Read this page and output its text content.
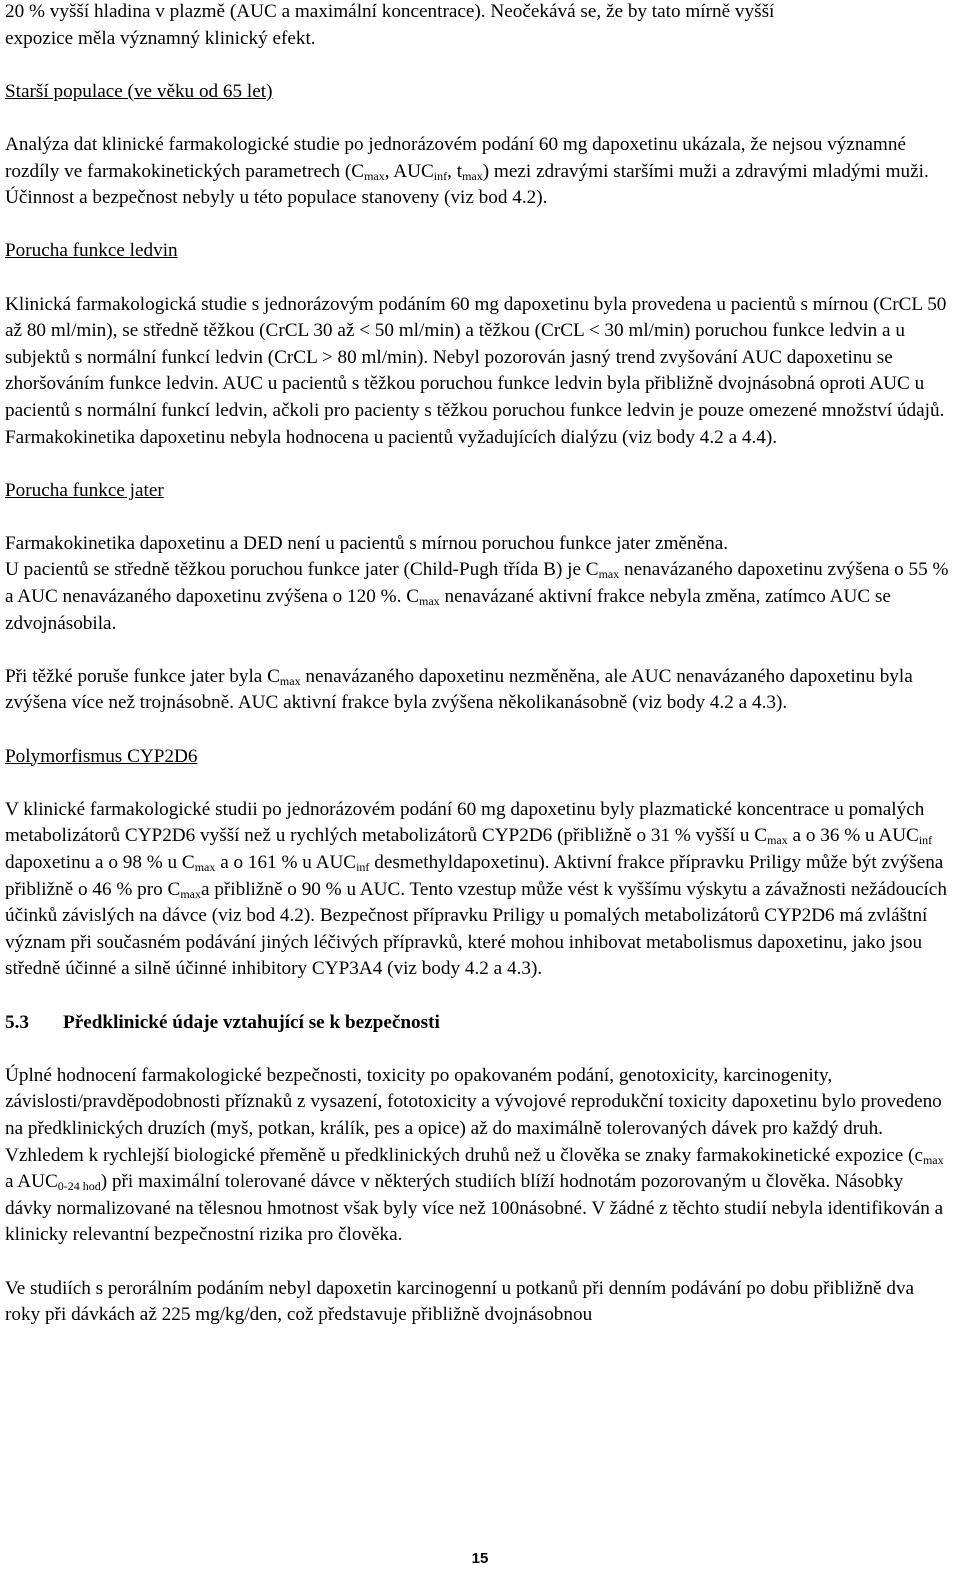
20 % vyšší hladina v plazmě (AUC a maximální koncentrace). Neočekává se, že by tato mírně vyšší
expozice měla významný klinický efekt.
Starší populace (ve věku od 65 let)

Analýza dat klinické farmakologické studie po jednorázovém podání 60 mg dapoxetinu ukázala, že nejsou významné rozdíly ve farmakokinetických parametrech ($C_{max}$, $AUC_{inf}$, $t_{max}$) mezi zdravými staršími muži a zdravými mladými muži. Účinnost a bezpečnost nebyly u této populace stanoveny (viz bod 4.2).

Porucha funkce ledvin

Klinická farmakologická studie s jednorázovým podáním 60 mg dapoxetinu byla provedena u pacientů s mírnou (CrCL 50 až 80 ml/min), se středně těžkou (CrCL 30 až < 50 ml/min) a těžkou (CrCL < 30 ml/min) poruchou funkce ledvin a u subjektů s normální funkcí ledvin (CrCL > 80 ml/min). Nebyl pozorován jasný trend zvyšování AUC dapoxetinu se zhoršováním funkce ledvin. AUC u pacientů s těžkou poruchou funkce ledvin byla přibližně dvojnásobná oproti AUC u pacientů s normální funkcí ledvin, ačkoli pro pacienty s těžkou poruchou funkce ledvin je pouze omezené množství údajů. Farmakokinetika dapoxetinu nebyla hodnocena u pacientů vyžadujících dialýzu (viz body 4.2 a 4.4).

Porucha funkce jater
Farmakokinetika dapoxetinu a DED není u pacientů s mírnou poruchou funkce jater změněna.
U pacientů se středně těžkou poruchou funkce jater (Child-Pugh třída B) je $C_{max}$ nenavázaného dapoxetinu zvýšena o 55 % a AUC nenavázaného dapoxetinu zvýšena o 120 %. $C_{max}$ nenavázané aktivní frakce nebyla změna, zatímco AUC se zdvojnásobila.

Při těžké poruše funkce jater byla $C_{max}$ nenavázaného dapoxetinu nezměněna, ale AUC nenavázaného dapoxetinu byla zvýšena více než trojnásobně. AUC aktivní frakce byla zvýšena několikanásobně (viz body 4.2 a 4.3).

Polymorfismus CYP2D6

V klinické farmakologické studii po jednorázovém podání 60 mg dapoxetinu byly plazmatické koncentrace u pomalých metabolizátorů CYP2D6 vyšší než u rychlých metabolizátorů CYP2D6 (přibližně o 31 % vyšší u $C_{max}$ a o 36 % u $AUC_{inf}$ dapoxetinu a o 98 % u $C_{max}$ a o 161 % u $AUC_{inf}$ desmethyldapoxetinu). Aktivní frakce přípravku Priligy může být zvýšena přibližně o 46 % pro $C_{max}a$ přibližně o 90 % u AUC. Tento vzestup může vést k vyššímu výskytu a závažnosti nežádoucích účinků závislých na dávce (viz bod 4.2). Bezpečnost přípravku Priligy u pomalých metabolizátorů CYP2D6 má zvláštní význam při současném podávání jiných léčivých přípravků, které mohou inhibovat metabolismus dapoxetinu, jako jsou středně účinné a silně účinné inhibitory CYP3A4 (viz body 4.2 a 4.3).

5.3 Předklinické údaje vztahující se k bezpečnosti

Úplné hodnocení farmakologické bezpečnosti, toxicity po opakovaném podání, genotoxicity, karcinogenity, závislosti/pravděpodobnosti příznaků z vysazení, fototoxicity a vývojové reprodukční toxicity dapoxetinu bylo provedeno na předklinických druzích (myš, potkan, králík, pes a opice) až do maximálně tolerovaných dávek pro každý druh. Vzhledem k rychlejší biologické přeměně u předklinických druhů než u člověka se znaky farmakokinetické expozice ($c_{max}$ a $AUC_{0-24 hod}$) při maximální tolerované dávce v některých studiích blíží hodnotám pozorovaným u člověka. Násobky dávky normalizované na tělesnou hmotnost však byly více než 100násobné. V žádné z těchto studií nebyla identifikován a klinicky relevantní bezpečnostní rizika pro člověka.

Ve studiích s perorálním podáním nebyl dapoxetin karcinogenní u potkanů při denním podávání po dobu přibližně dva roky při dávkách až 225 mg/kg/den, což představuje přibližně dvojnásobnou

15
